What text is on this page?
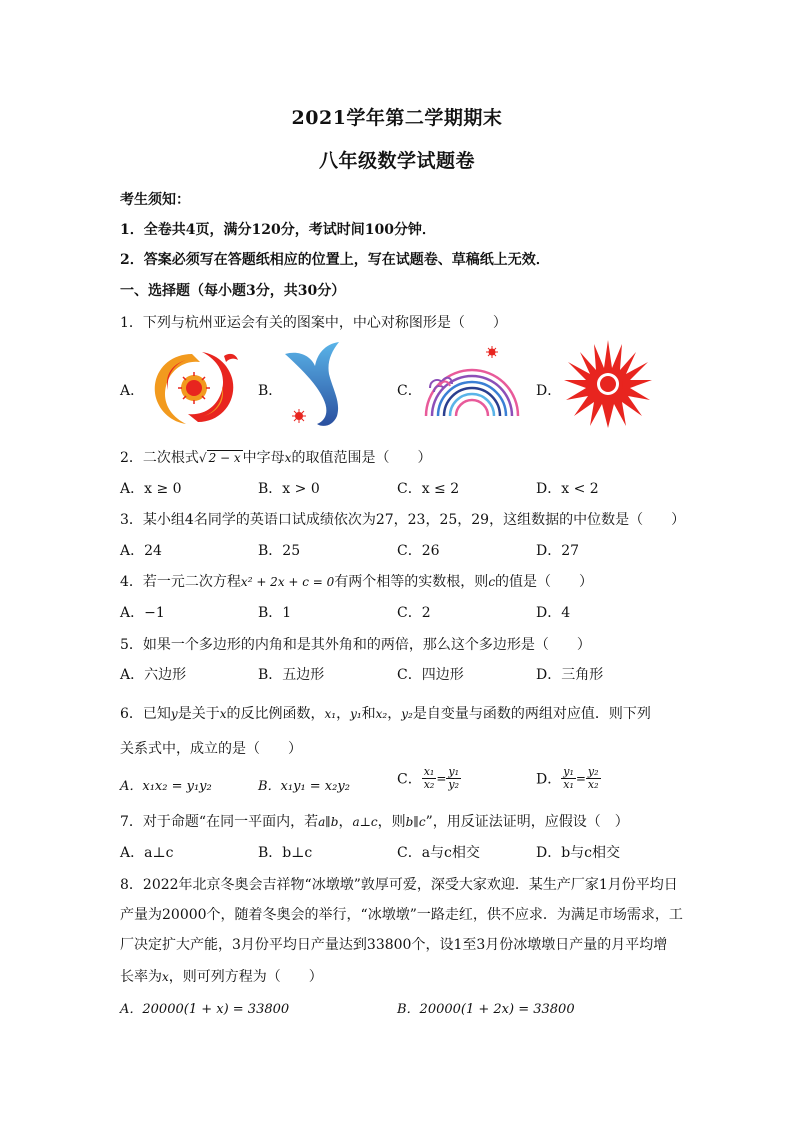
2021学年第二学期期末
八年级数学试题卷
考生须知：
1．全卷共4页，满分120分，考试时间100分钟．
2．答案必须写在答题纸相应的位置上，写在试题卷、草稿纸上无效．
一、选择题（每小题3分，共30分）
1．下列与杭州亚运会有关的图案中，中心对称图形是（　　）
A．	B．	C．	D．
2．二次根式√ 2 − x 中字母x的取值范围是（　　）
A．x ≥ 0	B．x > 0	C．x ≤ 2	D．x < 2
3．某小组4名同学的英语口试成绩依次为27，23，25，29，这组数据的中位数是（　　）
A．24	B．25	C．26	D．27
4．若一元二次方程x² + 2x + c = 0有两个相等的实数根，则c的值是（　　）
A．−1	B．1	C．2	D．4
5．如果一个多边形的内角和是其外角和的两倍，那么这个多边形是（　　）
A．六边形	B．五边形	C．四边形	D．三角形
6．已知y是关于x的反比例函数，x₁，y₁和x₂，y₂是自变量与函数的两组对应值．则下列
关系式中，成立的是（　　）
A．x₁x₂ = y₁y₂	B．x₁y₁ = x₂y₂	C． $\frac{\text{x₁}}{\text{x₂}} = \frac{\text{y₁}}{\text{y₂}}$	D． $\frac{\text{y₁}}{\text{x₁}} = \frac{\text{y₂}}{\text{x₂}}$
7．对于命题“在同一平面内，若a∥b，a⊥c，则b∥c”，用反证法证明，应假设（　）
A．a⊥c	B．b⊥c	C．a与c相交	D．b与c相交
8．2022年北京冬奥会吉祥物“冰墩墩”敦厚可爱，深受大家欢迎．某生产厂家1月份平均日
产量为20000个，随着冬奥会的举行，“冰墩墩”一路走红，供不应求．为满足市场需求，工
厂决定扩大产能，3月份平均日产量达到33800个，设1至3月份冰墩墩日产量的月平均增
长率为x，则可列方程为（　　）
A．20000(1 + x) = 33800	B．20000(1 + 2x) = 33800
